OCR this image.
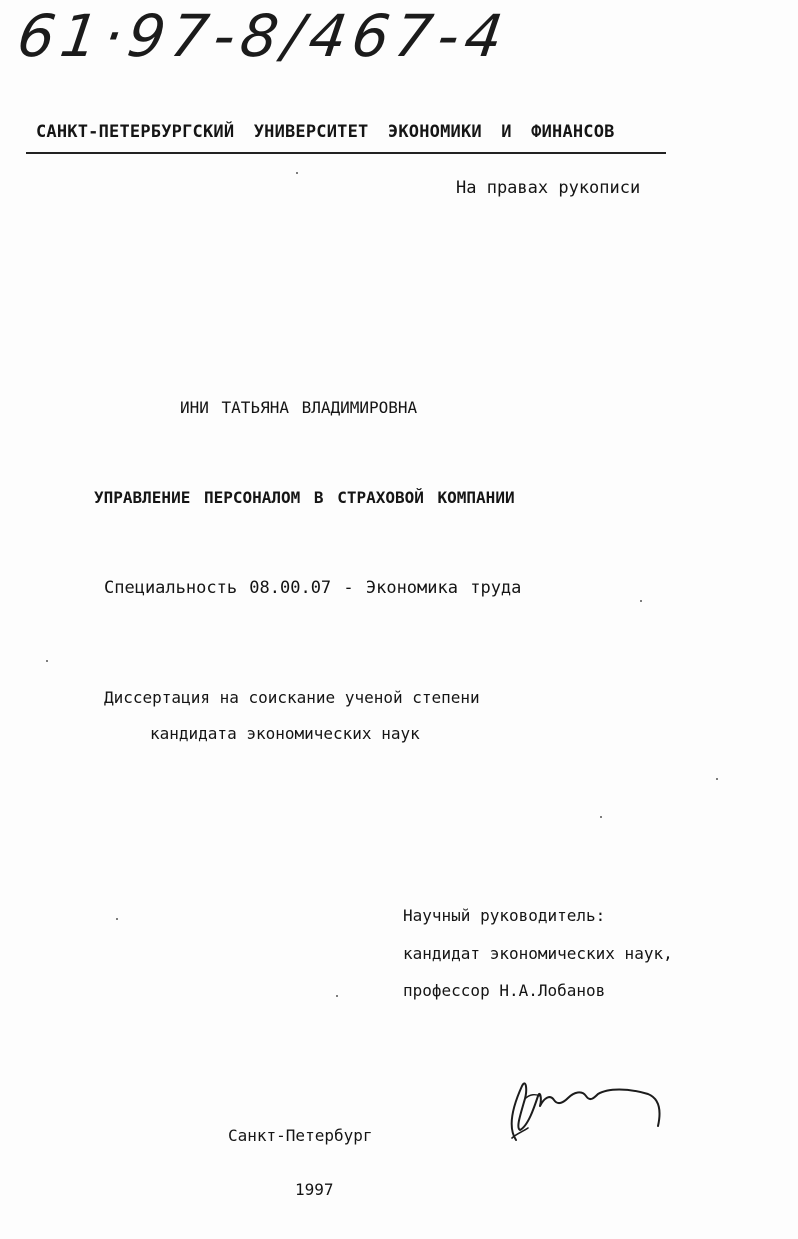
61·97-8/467-4
САНКТ-ПЕТЕРБУРГСКИЙ УНИВЕРСИТЕТ ЭКОНОМИКИ И ФИНАНСОВ
На правах рукописи
ИНИ ТАТЬЯНА ВЛАДИМИРОВНА
УПРАВЛЕНИЕ ПЕРСОНАЛОМ В СТРАХОВОЙ КОМПАНИИ
Специальность 08.00.07 - Экономика труда
Диссертация на соискание ученой степени
кандидата экономических наук
Научный руководитель:
кандидат экономических наук,
профессор Н.А.Лобанов
Санкт-Петербург
1997
